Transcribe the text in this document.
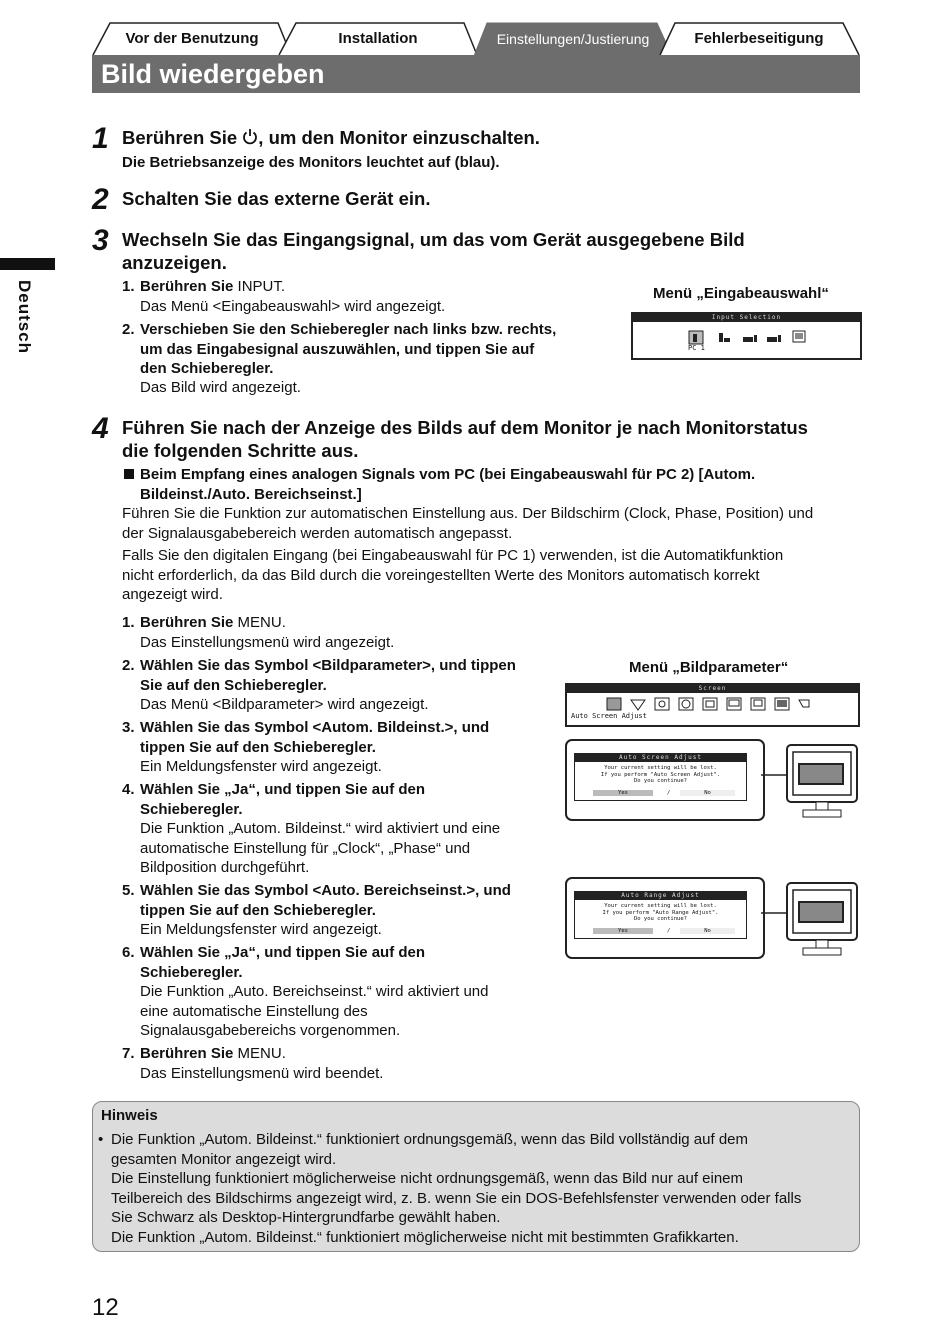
Vor der Benutzung	Installation	Einstellungen/Justierung	Fehlerbeseitigung
Bild wiedergeben
Deutsch
1 Berühren Sie , um den Monitor einzuschalten.
Die Betriebsanzeige des Monitors leuchtet auf (blau).
2 Schalten Sie das externe Gerät ein.
3 Wechseln Sie das Eingangsignal, um das vom Gerät ausgegebene Bild
anzuzeigen.
1. Berühren Sie INPUT.
Das Menü <Eingabeauswahl> wird angezeigt.
2. Verschieben Sie den Schieberegler nach links bzw. rechts,
um das Eingabesignal auszuwählen, und tippen Sie auf
den Schieberegler.
Das Bild wird angezeigt.
Menü „Eingabeauswahl“
Input Selection
PC 1
4 Führen Sie nach der Anzeige des Bilds auf dem Monitor je nach Monitorstatus
die folgenden Schritte aus.
Beim Empfang eines analogen Signals vom PC (bei Eingabeauswahl für PC 2) [Autom.
Bildeinst./Auto. Bereichseinst.]
Führen Sie die Funktion zur automatischen Einstellung aus. Der Bildschirm (Clock, Phase, Position) und
der Signalausgabebereich werden automatisch angepasst.
Falls Sie den digitalen Eingang (bei Eingabeauswahl für PC 1) verwenden, ist die Automatikfunktion
nicht erforderlich, da das Bild durch die voreingestellten Werte des Monitors automatisch korrekt
angezeigt wird.
1. Berühren Sie MENU.
Das Einstellungsmenü wird angezeigt.
2. Wählen Sie das Symbol <Bildparameter>, und tippen
Sie auf den Schieberegler.
Das Menü <Bildparameter> wird angezeigt.
3. Wählen Sie das Symbol <Autom. Bildeinst.>, und
tippen Sie auf den Schieberegler.
Ein Meldungsfenster wird angezeigt.
4. Wählen Sie „Ja“, und tippen Sie auf den
Schieberegler.
Die Funktion „Autom. Bildeinst.“ wird aktiviert und eine
automatische Einstellung für „Clock“, „Phase“ und
Bildposition durchgeführt.
5. Wählen Sie das Symbol <Auto. Bereichseinst.>, und
tippen Sie auf den Schieberegler.
Ein Meldungsfenster wird angezeigt.
6. Wählen Sie „Ja“, und tippen Sie auf den
Schieberegler.
Die Funktion „Auto. Bereichseinst.“ wird aktiviert und
eine automatische Einstellung des
Signalausgabebereichs vorgenommen.
7. Berühren Sie MENU.
Das Einstellungsmenü wird beendet.
Menü „Bildparameter“
Screen
Auto Screen Adjust
Auto Screen Adjust
Your current setting will be lost.
If you perform "Auto Screen Adjust".
Do you continue?
Yes	/	No
Auto Range Adjust
Your current setting will be lost.
If you perform "Auto Range Adjust".
Do you continue?
Yes	/	No
Hinweis
• Die Funktion „Autom. Bildeinst.“ funktioniert ordnungsgemäß, wenn das Bild vollständig auf dem
gesamten Monitor angezeigt wird.
Die Einstellung funktioniert möglicherweise nicht ordnungsgemäß, wenn das Bild nur auf einem
Teilbereich des Bildschirms angezeigt wird, z. B. wenn Sie ein DOS-Befehlsfenster verwenden oder falls
Sie Schwarz als Desktop-Hintergrundfarbe gewählt haben.
Die Funktion „Autom. Bildeinst.“ funktioniert möglicherweise nicht mit bestimmten Grafikkarten.
12
